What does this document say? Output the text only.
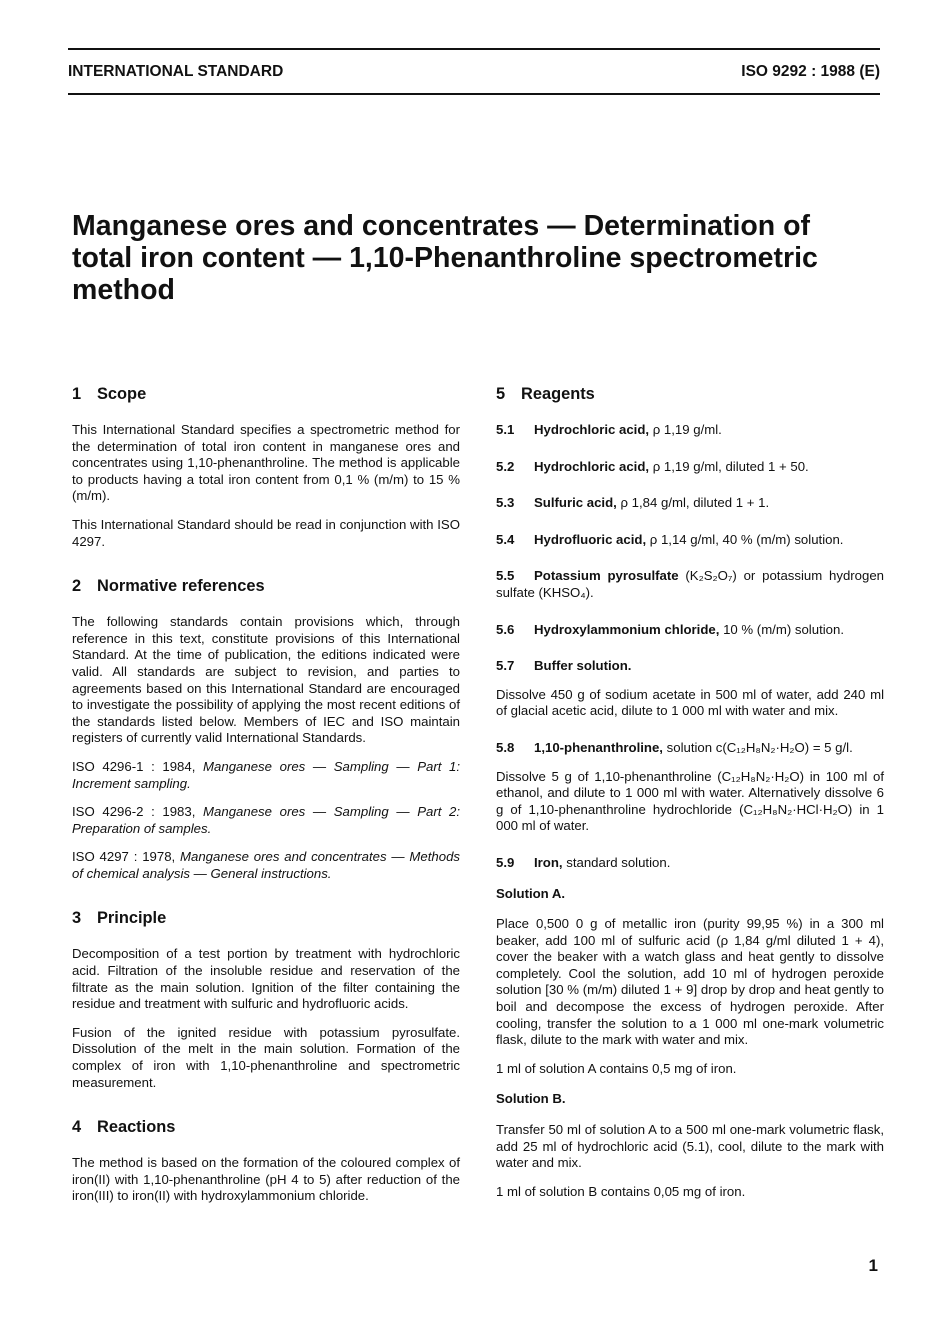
INTERNATIONAL STANDARD	ISO 9292 : 1988 (E)
Manganese ores and concentrates — Determination of total iron content — 1,10-Phenanthroline spectrometric method
1 Scope

This International Standard specifies a spectrometric method for the determination of total iron content in manganese ores and concentrates using 1,10-phenanthroline. The method is applicable to products having a total iron content from 0,1 % (m/m) to 15 % (m/m).

This International Standard should be read in conjunction with ISO 4297.

2 Normative references

The following standards contain provisions which, through reference in this text, constitute provisions of this International Standard. At the time of publication, the editions indicated were valid. All standards are subject to revision, and parties to agreements based on this International Standard are encouraged to investigate the possibility of applying the most recent editions of the standards listed below. Members of IEC and ISO maintain registers of currently valid International Standards.

ISO 4296-1 : 1984, Manganese ores — Sampling — Part 1: Increment sampling.

ISO 4296-2 : 1983, Manganese ores — Sampling — Part 2: Preparation of samples.

ISO 4297 : 1978, Manganese ores and concentrates — Methods of chemical analysis — General instructions.

3 Principle

Decomposition of a test portion by treatment with hydrochloric acid. Filtration of the insoluble residue and reservation of the filtrate as the main solution. Ignition of the filter containing the residue and treatment with sulfuric and hydrofluoric acids.

Fusion of the ignited residue with potassium pyrosulfate. Dissolution of the melt in the main solution. Formation of the complex of iron with 1,10-phenanthroline and spectrometric measurement.

4 Reactions

The method is based on the formation of the coloured complex of iron(II) with 1,10-phenanthroline (pH 4 to 5) after reduction of the iron(III) to iron(II) with hydroxylammonium chloride.

5 Reagents

5.1 Hydrochloric acid, ρ 1,19 g/ml.

5.2 Hydrochloric acid, ρ 1,19 g/ml, diluted 1 + 50.

5.3 Sulfuric acid, ρ 1,84 g/ml, diluted 1 + 1.

5.4 Hydrofluoric acid, ρ 1,14 g/ml, 40 % (m/m) solution.

5.5 Potassium pyrosulfate (K₂S₂O₇) or potassium hydrogen sulfate (KHSO₄).

5.6 Hydroxylammonium chloride, 10 % (m/m) solution.

5.7 Buffer solution.

Dissolve 450 g of sodium acetate in 500 ml of water, add 240 ml of glacial acetic acid, dilute to 1 000 ml with water and mix.

5.8 1,10-phenanthroline, solution c(C₁₂H₈N₂·H₂O) = 5 g/l.

Dissolve 5 g of 1,10-phenanthroline (C₁₂H₈N₂·H₂O) in 100 ml of ethanol, and dilute to 1 000 ml with water. Alternatively dissolve 6 g of 1,10-phenanthroline hydrochloride (C₁₂H₈N₂·HCl·H₂O) in 1 000 ml of water.

5.9 Iron, standard solution.

Solution A.

Place 0,500 0 g of metallic iron (purity 99,95 %) in a 300 ml beaker, add 100 ml of sulfuric acid (ρ 1,84 g/ml diluted 1 + 4), cover the beaker with a watch glass and heat gently to dissolve completely. Cool the solution, add 10 ml of hydrogen peroxide solution [30 % (m/m) diluted 1 + 9] drop by drop and heat gently to boil and decompose the excess of hydrogen peroxide. After cooling, transfer the solution to a 1 000 ml one-mark volumetric flask, dilute to the mark with water and mix.

1 ml of solution A contains 0,5 mg of iron.

Solution B.

Transfer 50 ml of solution A to a 500 ml one-mark volumetric flask, add 25 ml of hydrochloric acid (5.1), cool, dilute to the mark with water and mix.

1 ml of solution B contains 0,05 mg of iron.

1
